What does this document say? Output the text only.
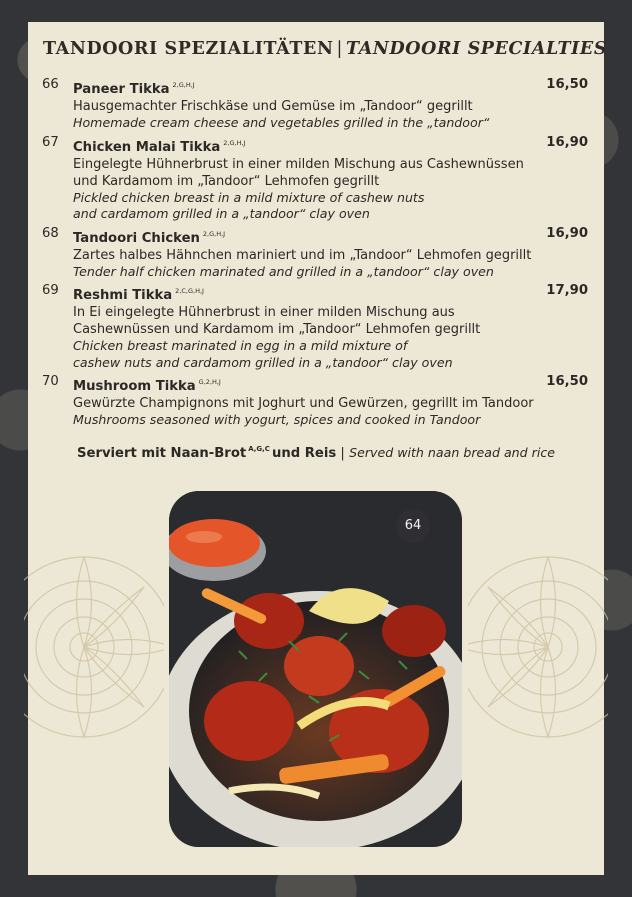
TANDOORI SPEZIALITÄTEN | TANDOORI SPECIALTIES
66 Paneer Tikka $^{2,G,H,J}$	16,50
Hausgemachter Frischkäse und Gemüse im „Tandoor“ gegrillt
Homemade cream cheese and vegetables grilled in the „tandoor“
67 Chicken Malai Tikka $^{2,G,H,J}$	16,90
Eingelegte Hühnerbrust in einer milden Mischung aus Cashewnüssen
und Kardamom im „Tandoor“ Lehmofen gegrillt
Pickled chicken breast in a mild mixture of cashew nuts
and cardamom grilled in a „tandoor“ clay oven
68 Tandoori Chicken $^{2,G,H,J}$	16,90
Zartes halbes Hähnchen mariniert und im „Tandoor“ Lehmofen gegrillt
Tender half chicken marinated and grilled in a „tandoor“ clay oven
69 Reshmi Tikka $^{2,C,G,H,J}$	17,90
In Ei eingelegte Hühnerbrust in einer milden Mischung aus
Cashewnüssen und Kardamom im „Tandoor“ Lehmofen gegrillt
Chicken breast marinated in egg in a mild mixture of
cashew nuts and cardamom grilled in a „tandoor“ clay oven
70 Mushroom Tikka $^{G,2,H,J}$	16,50
Gewürzte Champignons mit Joghurt und Gewürzen, gegrillt im Tandoor
Mushrooms seasoned with yogurt, spices and cooked in Tandoor
Serviert mit Naan-Brot $^{A,G,C}$ und Reis | Served with naan bread and rice
64
